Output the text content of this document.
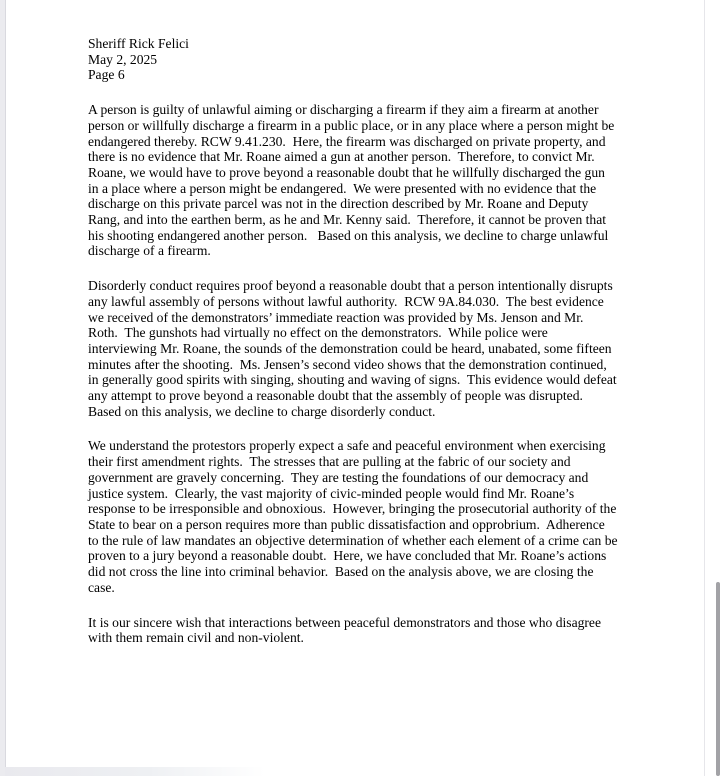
Sheriff Rick Felici
May 2, 2025
Page 6
A person is guilty of unlawful aiming or discharging a firearm if they aim a firearm at another
person or willfully discharge a firearm in a public place, or in any place where a person might be
endangered thereby. RCW 9.41.230.  Here, the firearm was discharged on private property, and
there is no evidence that Mr. Roane aimed a gun at another person.  Therefore, to convict Mr.
Roane, we would have to prove beyond a reasonable doubt that he willfully discharged the gun
in a place where a person might be endangered.  We were presented with no evidence that the
discharge on this private parcel was not in the direction described by Mr. Roane and Deputy
Rang, and into the earthen berm, as he and Mr. Kenny said.  Therefore, it cannot be proven that
his shooting endangered another person.   Based on this analysis, we decline to charge unlawful
discharge of a firearm.
Disorderly conduct requires proof beyond a reasonable doubt that a person intentionally disrupts
any lawful assembly of persons without lawful authority.  RCW 9A.84.030.  The best evidence
we received of the demonstrators’ immediate reaction was provided by Ms. Jenson and Mr.
Roth.  The gunshots had virtually no effect on the demonstrators.  While police were
interviewing Mr. Roane, the sounds of the demonstration could be heard, unabated, some fifteen
minutes after the shooting.  Ms. Jensen’s second video shows that the demonstration continued,
in generally good spirits with singing, shouting and waving of signs.  This evidence would defeat
any attempt to prove beyond a reasonable doubt that the assembly of people was disrupted.
Based on this analysis, we decline to charge disorderly conduct.
We understand the protestors properly expect a safe and peaceful environment when exercising
their first amendment rights.  The stresses that are pulling at the fabric of our society and
government are gravely concerning.  They are testing the foundations of our democracy and
justice system.  Clearly, the vast majority of civic-minded people would find Mr. Roane’s
response to be irresponsible and obnoxious.  However, bringing the prosecutorial authority of the
State to bear on a person requires more than public dissatisfaction and opprobrium.  Adherence
to the rule of law mandates an objective determination of whether each element of a crime can be
proven to a jury beyond a reasonable doubt.  Here, we have concluded that Mr. Roane’s actions
did not cross the line into criminal behavior.  Based on the analysis above, we are closing the
case.
It is our sincere wish that interactions between peaceful demonstrators and those who disagree
with them remain civil and non-violent.
